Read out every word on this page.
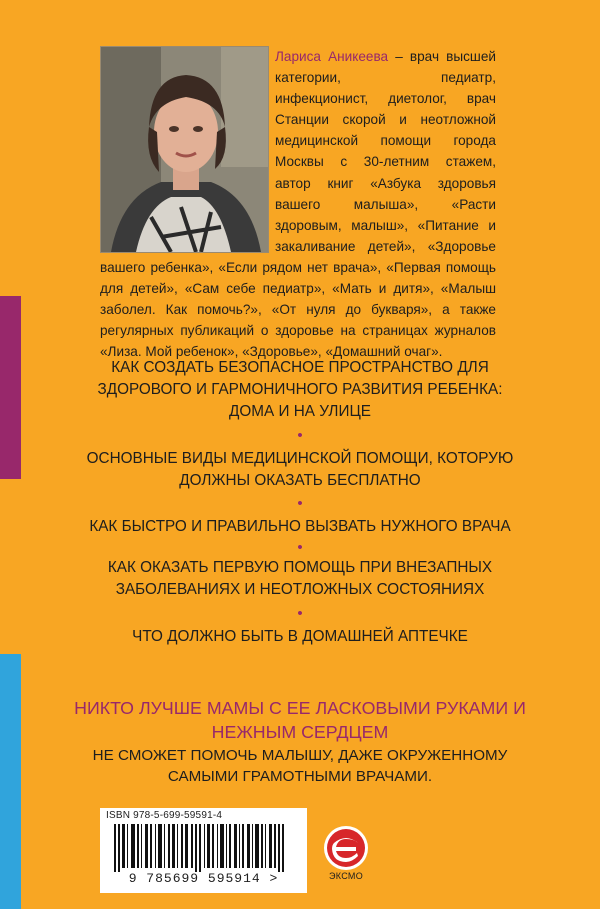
Лариса Аникеева – врач высшей категории, педиатр, инфекционист, диетолог, врач Станции скорой и неотложной медицинской помощи города Москвы с 30-летним стажем, автор книг «Азбука здоровья вашего малыша», «Расти здоровым, малыш», «Питание и закаливание детей», «Здоровье вашего ребенка», «Если рядом нет врача», «Первая помощь для детей», «Сам себе педиатр», «Мать и дитя», «Малыш заболел. Как помочь?», «От нуля до букваря», а также регулярных публикаций о здоровье на страницах журналов «Лиза. Мой ребенок», «Здоровье», «Домашний очаг».
КАК СОЗДАТЬ БЕЗОПАСНОЕ ПРОСТРАНСТВО ДЛЯ ЗДОРОВОГО И ГАРМОНИЧНОГО РАЗВИТИЯ РЕБЕНКА: ДОМА И НА УЛИЦЕ
•
ОСНОВНЫЕ ВИДЫ МЕДИЦИНСКОЙ ПОМОЩИ, КОТОРУЮ ДОЛЖНЫ ОКАЗАТЬ БЕСПЛАТНО
•
КАК БЫСТРО И ПРАВИЛЬНО ВЫЗВАТЬ НУЖНОГО ВРАЧА
•
КАК ОКАЗАТЬ ПЕРВУЮ ПОМОЩЬ ПРИ ВНЕЗАПНЫХ ЗАБОЛЕВАНИЯХ И НЕОТЛОЖНЫХ СОСТОЯНИЯХ
•
ЧТО ДОЛЖНО БЫТЬ В ДОМАШНЕЙ АПТЕЧКЕ
НИКТО ЛУЧШЕ МАМЫ С ЕЕ ЛАСКОВЫМИ РУКАМИ И НЕЖНЫМ СЕРДЦЕМ
НЕ СМОЖЕТ ПОМОЧЬ МАЛЫШУ, ДАЖЕ ОКРУЖЕННОМУ САМЫМИ ГРАМОТНЫМИ ВРАЧАМИ.
ISBN 978-5-699-59591-4
9 785699 595914 >	ЭКСМО
